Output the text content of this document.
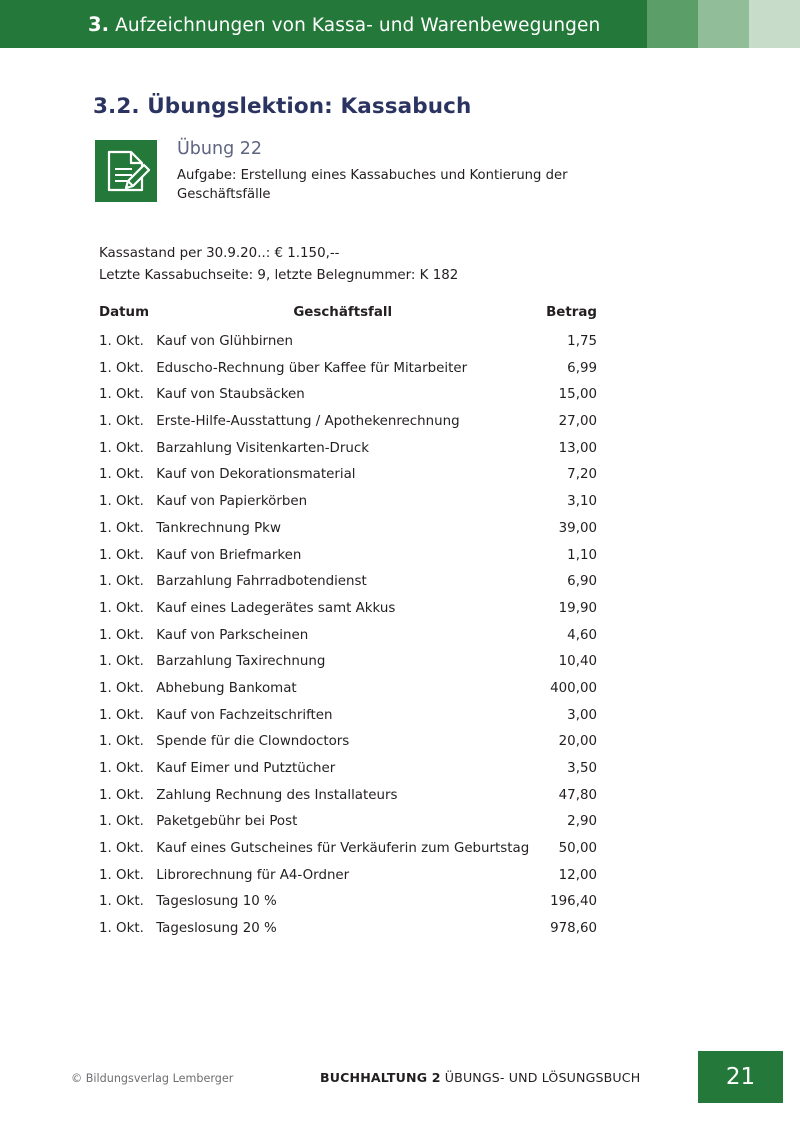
3. Aufzeichnungen von Kassa- und Warenbewegungen
3.2. Übungslektion: Kassabuch
Übung 22
Aufgabe: Erstellung eines Kassabuches und Kontierung der Geschäftsfälle
Kassastand per 30.9.20..: € 1.150,--
Letzte Kassabuchseite: 9, letzte Belegnummer: K 182
Datum	Geschäftsfall	Betrag
1. Okt.	Kauf von Glühbirnen	1,75
1. Okt.	Eduscho-Rechnung über Kaffee für Mitarbeiter	6,99
1. Okt.	Kauf von Staubsäcken	15,00
1. Okt.	Erste-Hilfe-Ausstattung / Apothekenrechnung	27,00
1. Okt.	Barzahlung Visitenkarten-Druck	13,00
1. Okt.	Kauf von Dekorationsmaterial	7,20
1. Okt.	Kauf von Papierkörben	3,10
1. Okt.	Tankrechnung Pkw	39,00
1. Okt.	Kauf von Briefmarken	1,10
1. Okt.	Barzahlung Fahrradbotendienst	6,90
1. Okt.	Kauf eines Ladegerätes samt Akkus	19,90
1. Okt.	Kauf von Parkscheinen	4,60
1. Okt.	Barzahlung Taxirechnung	10,40
1. Okt.	Abhebung Bankomat	400,00
1. Okt.	Kauf von Fachzeitschriften	3,00
1. Okt.	Spende für die Clowndoctors	20,00
1. Okt.	Kauf Eimer und Putztücher	3,50
1. Okt.	Zahlung Rechnung des Installateurs	47,80
1. Okt.	Paketgebühr bei Post	2,90
1. Okt.	Kauf eines Gutscheines für Verkäuferin zum Geburtstag	50,00
1. Okt.	Librorechnung für A4-Ordner	12,00
1. Okt.	Tageslosung 10 %	196,40
1. Okt.	Tageslosung 20 %	978,60
© Bildungsverlag Lemberger	BUCHHALTUNG 2 ÜBUNGS- UND LÖSUNGSBUCH	21
